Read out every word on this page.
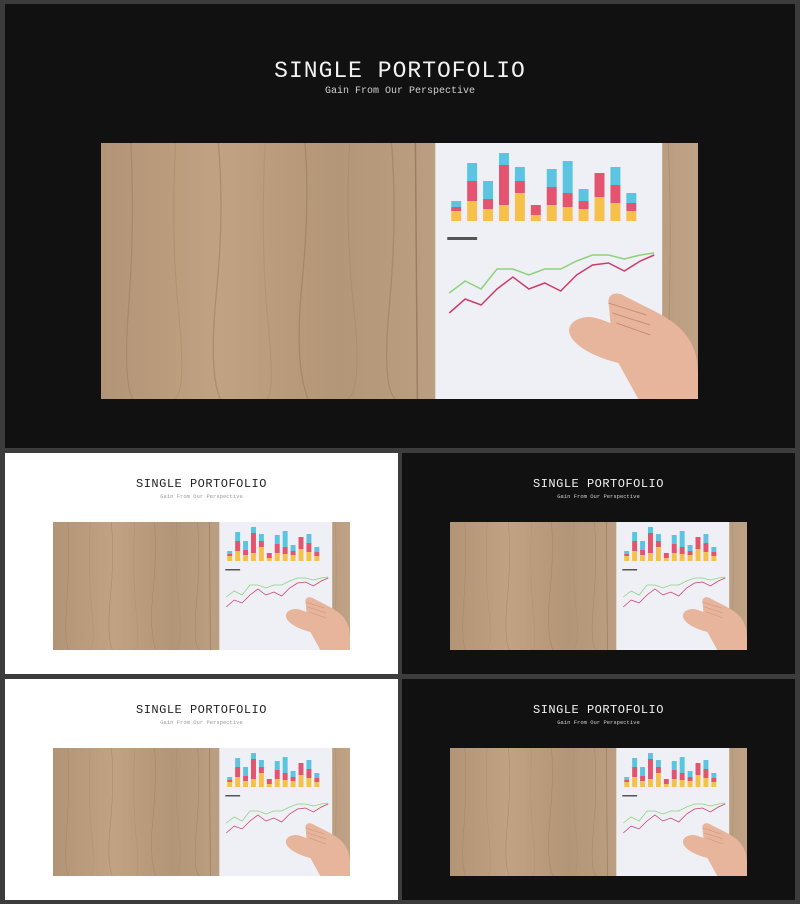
SINGLE PORTOFOLIO
Gain From Our Perspective
SINGLE PORTOFOLIO
Gain From Our Perspective
SINGLE PORTOFOLIO
Gain From Our Perspective
SINGLE PORTOFOLIO
Gain From Our Perspective
SINGLE PORTOFOLIO
Gain From Our Perspective
